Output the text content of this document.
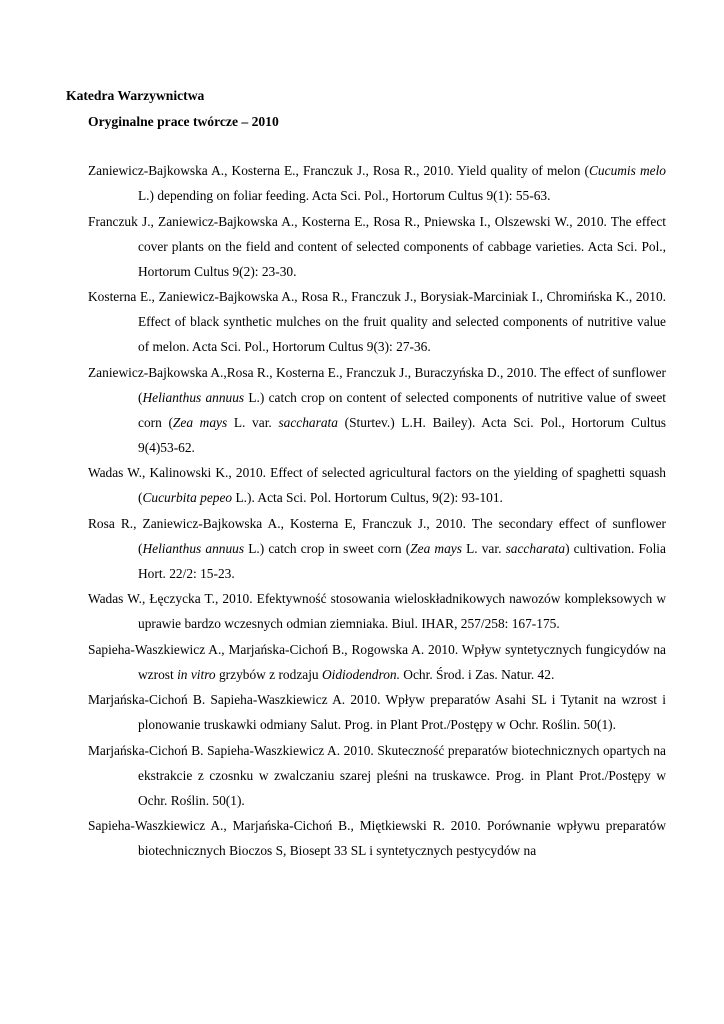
Katedra Warzywnictwa
Oryginalne prace twórcze – 2010
Zaniewicz-Bajkowska A., Kosterna E., Franczuk J., Rosa R., 2010. Yield quality of melon (Cucumis melo L.) depending on foliar feeding. Acta Sci. Pol., Hortorum Cultus 9(1): 55-63.
Franczuk J., Zaniewicz-Bajkowska A., Kosterna E., Rosa R., Pniewska I., Olszewski W., 2010. The effect cover plants on the field and content of selected components of cabbage varieties. Acta Sci. Pol., Hortorum Cultus 9(2): 23-30.
Kosterna E., Zaniewicz-Bajkowska A., Rosa R., Franczuk J., Borysiak-Marciniak I., Chromińska K., 2010. Effect of black synthetic mulches on the fruit quality and selected components of nutritive value of melon. Acta Sci. Pol., Hortorum Cultus 9(3): 27-36.
Zaniewicz-Bajkowska A.,Rosa R., Kosterna E., Franczuk J., Buraczyńska D., 2010. The effect of sunflower (Helianthus annuus L.) catch crop on content of selected components of nutritive value of sweet corn (Zea mays L. var. saccharata (Sturtev.) L.H. Bailey). Acta Sci. Pol., Hortorum Cultus 9(4)53-62.
Wadas W., Kalinowski K., 2010. Effect of selected agricultural factors on the yielding of spaghetti squash (Cucurbita pepeo L.). Acta Sci. Pol. Hortorum Cultus, 9(2): 93-101.
Rosa R., Zaniewicz-Bajkowska A., Kosterna E, Franczuk J., 2010. The secondary effect of sunflower (Helianthus annuus L.) catch crop in sweet corn (Zea mays L. var. saccharata) cultivation. Folia Hort. 22/2: 15-23.
Wadas W., Łęczycka T., 2010. Efektywność stosowania wieloskładnikowych nawozów kompleksowych w uprawie bardzo wczesnych odmian ziemniaka. Biul. IHAR, 257/258: 167-175.
Sapieha-Waszkiewicz A., Marjańska-Cichoń B., Rogowska A. 2010. Wpływ syntetycznych fungicydów na wzrost in vitro grzybów z rodzaju Oidiodendron. Ochr. Środ. i Zas. Natur. 42.
Marjańska-Cichoń B. Sapieha-Waszkiewicz A. 2010. Wpływ preparatów Asahi SL i Tytanit na wzrost i plonowanie truskawki odmiany Salut. Prog. in Plant Prot./Postępy w Ochr. Roślin. 50(1).
Marjańska-Cichoń B. Sapieha-Waszkiewicz A. 2010. Skuteczność preparatów biotechnicznych opartych na ekstrakcie z czosnku w zwalczaniu szarej pleśni na truskawce. Prog. in Plant Prot./Postępy w Ochr. Roślin. 50(1).
Sapieha-Waszkiewicz A., Marjańska-Cichoń B., Miętkiewski R. 2010. Porównanie wpływu preparatów biotechnicznych Bioczos S, Biosept 33 SL i syntetycznych pestycydów na
